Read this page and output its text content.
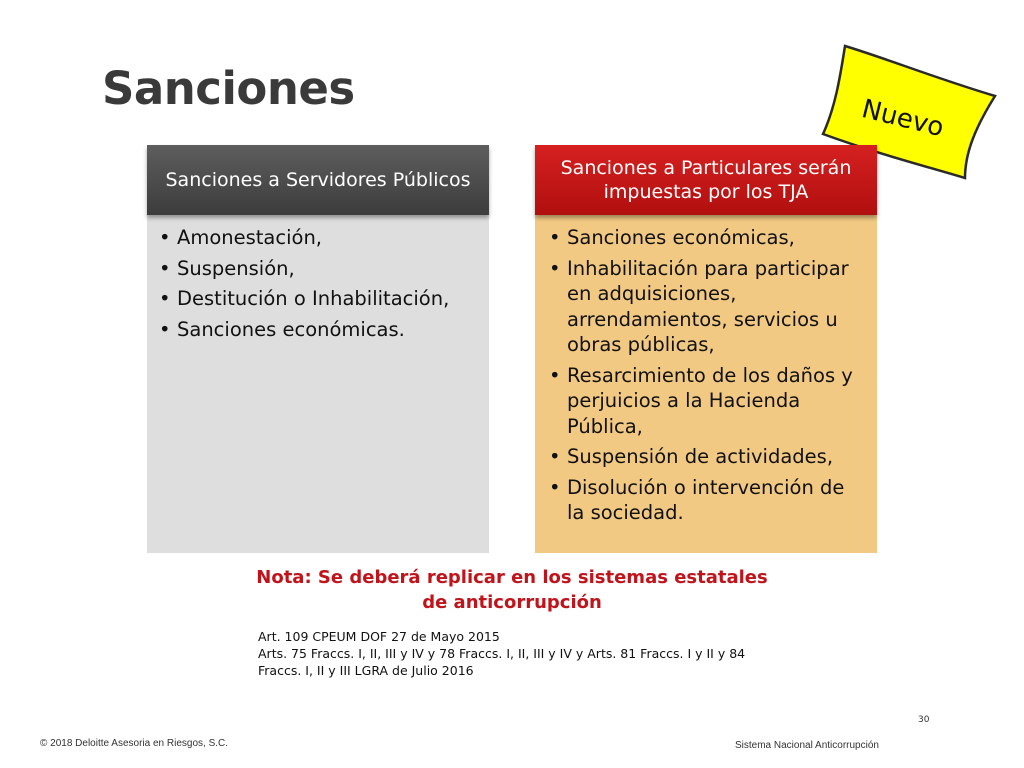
Sanciones
Nuevo
Sanciones a Servidores Públicos
• Amonestación,
• Suspensión,
• Destitución o Inhabilitación,
• Sanciones económicas.
Sanciones a Particulares serán impuestas por los TJA
• Sanciones económicas,
• Inhabilitación para participar en adquisiciones, arrendamientos, servicios u obras públicas,
• Resarcimiento de los daños y perjuicios a la Hacienda Pública,
• Suspensión de actividades,
• Disolución o intervención de la sociedad.
Nota: Se deberá replicar en los sistemas estatales
de anticorrupción
Art. 109 CPEUM DOF 27 de Mayo 2015
Arts. 75 Fraccs. I, II, III y IV y 78 Fraccs. I, II, III y IV y Arts. 81 Fraccs. I y II y 84 Fraccs. I, II y III LGRA de Julio 2016
30
© 2018 Deloitte Asesoria en Riesgos, S.C.	Sistema Nacional Anticorrupción
